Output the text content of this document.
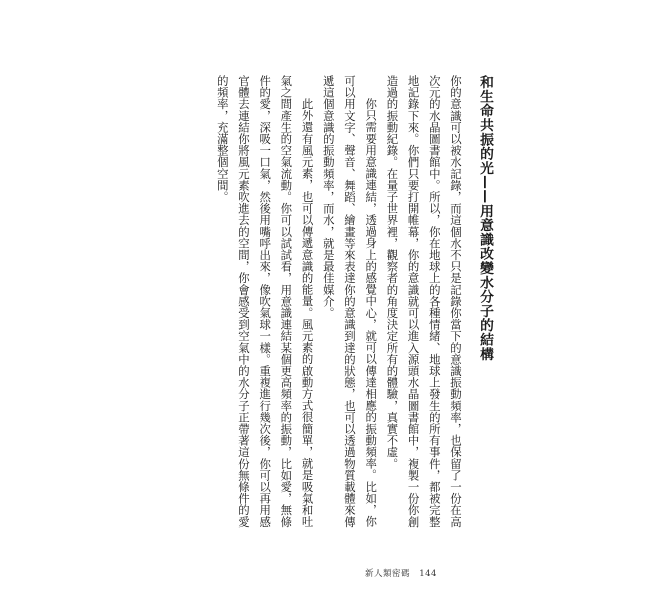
和生命共振的光——用意識改變水分子的結構

你的意識可以被水記錄，而這個水不只是記錄你當下的意識振動頻率，也保留了一份在高次元的水晶圖書館中。所以，你在地球上的各種情緒、地球上發生的所有事件，都被完整地記錄下來。你們只要打開帷幕，你的意識就可以進入源頭水晶圖書館中，複製一份你創造過的振動紀錄。在量子世界裡，觀察者的角度決定所有的體驗，真實不虛。

你只需要用意識連結，透過身上的感覺中心，就可以傳達相應的振動頻率。比如，你可以用文字、聲音、舞蹈、繪畫等來表達你的意識到達的狀態，也可以透過物質載體來傳遞這個意識的振動頻率，而水，就是最佳媒介。

此外還有風元素，也可以傳遞意識的能量。風元素的啟動方式很簡單，就是吸氣和吐氣之間產生的空氣流動。你可以試試看，用意識連結某個更高頻率的振動，比如愛，無條件的愛，深吸一口氣，然後用嘴呼出來，像吹氣球一樣。重複進行幾次後，你可以再用感官體去連結你將風元素吹進去的空間，你會感受到空氣中的水分子正帶著這份無條件的愛的頻率，充滿整個空間。

新人類密碼 144
